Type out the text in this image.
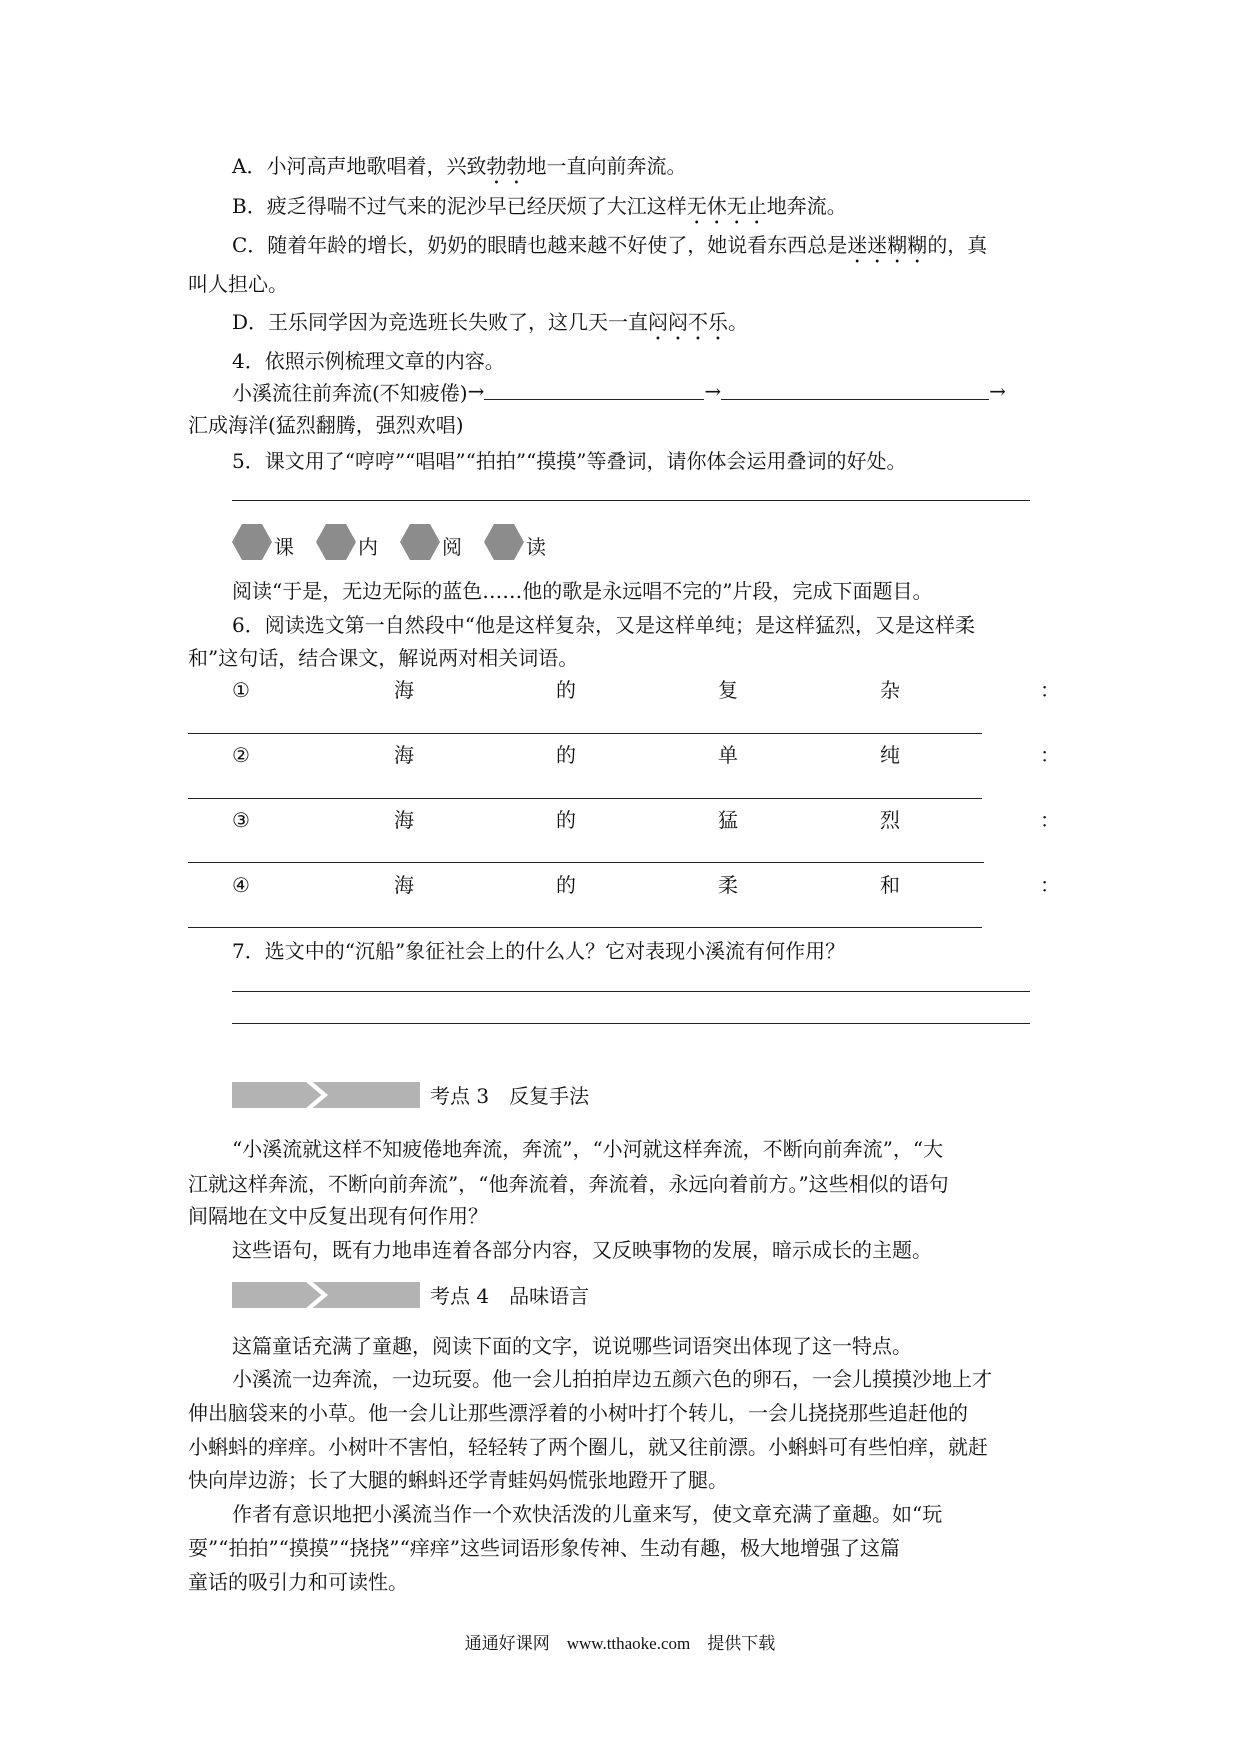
A．小河高声地歌唱着，兴致勃勃地一直向前奔流。
B．疲乏得喘不过气来的泥沙早已经厌烦了大江这样无休无止地奔流。
C．随着年龄的增长，奶奶的眼睛也越来越不好使了，她说看东西总是迷迷糊糊的，真
叫人担心。
D．王乐同学因为竞选班长失败了，这几天一直闷闷不乐。
4．依照示例梳理文章的内容。
小溪流往前奔流(不知疲倦)→	→	→
汇成海洋(猛烈翻腾，强烈欢唱)
5．课文用了“哼哼”“唱唱”“拍拍”“摸摸”等叠词，请你体会运用叠词的好处。
课	内	阅	读
阅读“于是，无边无际的蓝色……他的歌是永远唱不完的”片段，完成下面题目。
6．阅读选文第一自然段中“他是这样复杂，又是这样单纯；是这样猛烈，又是这样柔
和”这句话，结合课文，解说两对相关词语。
①	海	的	复	杂	：
②	海	的	单	纯	：
③	海	的	猛	烈	：
④	海	的	柔	和	：
7．选文中的“沉船”象征社会上的什么人？它对表现小溪流有何作用？
考点 3　反复手法
“小溪流就这样不知疲倦地奔流，奔流”，“小河就这样奔流，不断向前奔流”，“大
江就这样奔流，不断向前奔流”，“他奔流着，奔流着，永远向着前方。”这些相似的语句
间隔地在文中反复出现有何作用？
这些语句，既有力地串连着各部分内容，又反映事物的发展，暗示成长的主题。
考点 4　品味语言
这篇童话充满了童趣，阅读下面的文字，说说哪些词语突出体现了这一特点。
小溪流一边奔流，一边玩耍。他一会儿拍拍岸边五颜六色的卵石，一会儿摸摸沙地上才
伸出脑袋来的小草。他一会儿让那些漂浮着的小树叶打个转儿，一会儿挠挠那些追赶他的
小蝌蚪的痒痒。小树叶不害怕，轻轻转了两个圈儿，就又往前漂。小蝌蚪可有些怕痒，就赶
快向岸边游；长了大腿的蝌蚪还学青蛙妈妈慌张地蹬开了腿。
作者有意识地把小溪流当作一个欢快活泼的儿童来写，使文章充满了童趣。如“玩
耍”“拍拍”“摸摸”“挠挠”“痒痒”这些词语形象传神、生动有趣，极大地增强了这篇
童话的吸引力和可读性。
通通好课网　www.tthaoke.com　提供下载
